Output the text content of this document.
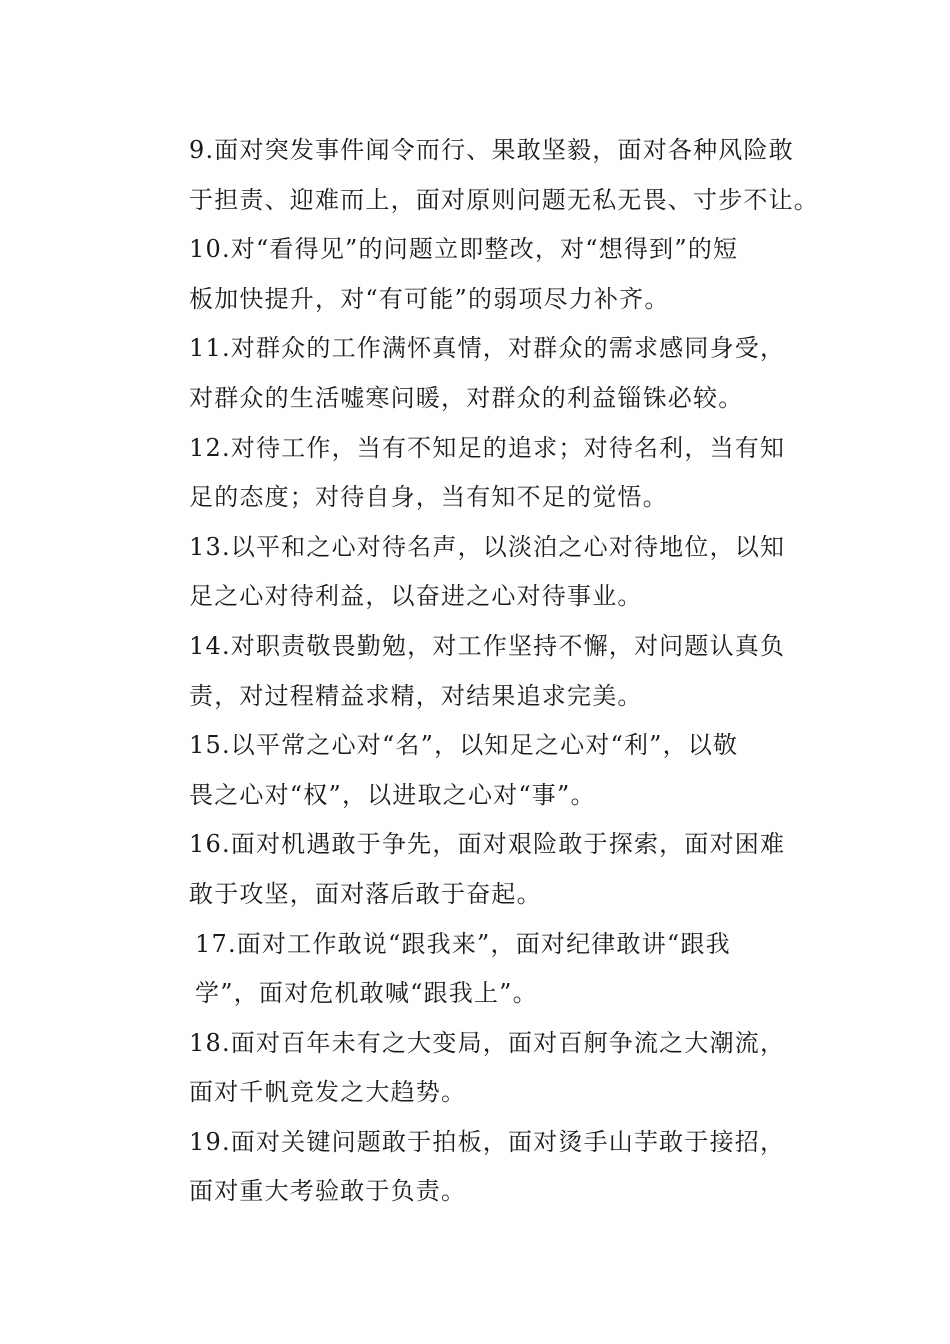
9.面对突发事件闻令而行、果敢坚毅，面对各种风险敢
于担责、迎难而上，面对原则问题无私无畏、寸步不让。

10.对“看得见”的问题立即整改，对“想得到”的短
板加快提升，对“有可能”的弱项尽力补齐。

11.对群众的工作满怀真情，对群众的需求感同身受，
对群众的生活嘘寒问暖，对群众的利益锱铢必较。

12.对待工作，当有不知足的追求；对待名利，当有知
足的态度；对待自身，当有知不足的觉悟。

13.以平和之心对待名声，以淡泊之心对待地位，以知
足之心对待利益，以奋进之心对待事业。

14.对职责敬畏勤勉，对工作坚持不懈，对问题认真负
责，对过程精益求精，对结果追求完美。

15.以平常之心对“名”，以知足之心对“利”，以敬
畏之心对“权”，以进取之心对“事”。

16.面对机遇敢于争先，面对艰险敢于探索，面对困难
敢于攻坚，面对落后敢于奋起。

17.面对工作敢说“跟我来”，面对纪律敢讲“跟我
学”，面对危机敢喊“跟我上”。

18.面对百年未有之大变局，面对百舸争流之大潮流，
面对千帆竞发之大趋势。

19.面对关键问题敢于拍板，面对烫手山芋敢于接招，
面对重大考验敢于负责。
